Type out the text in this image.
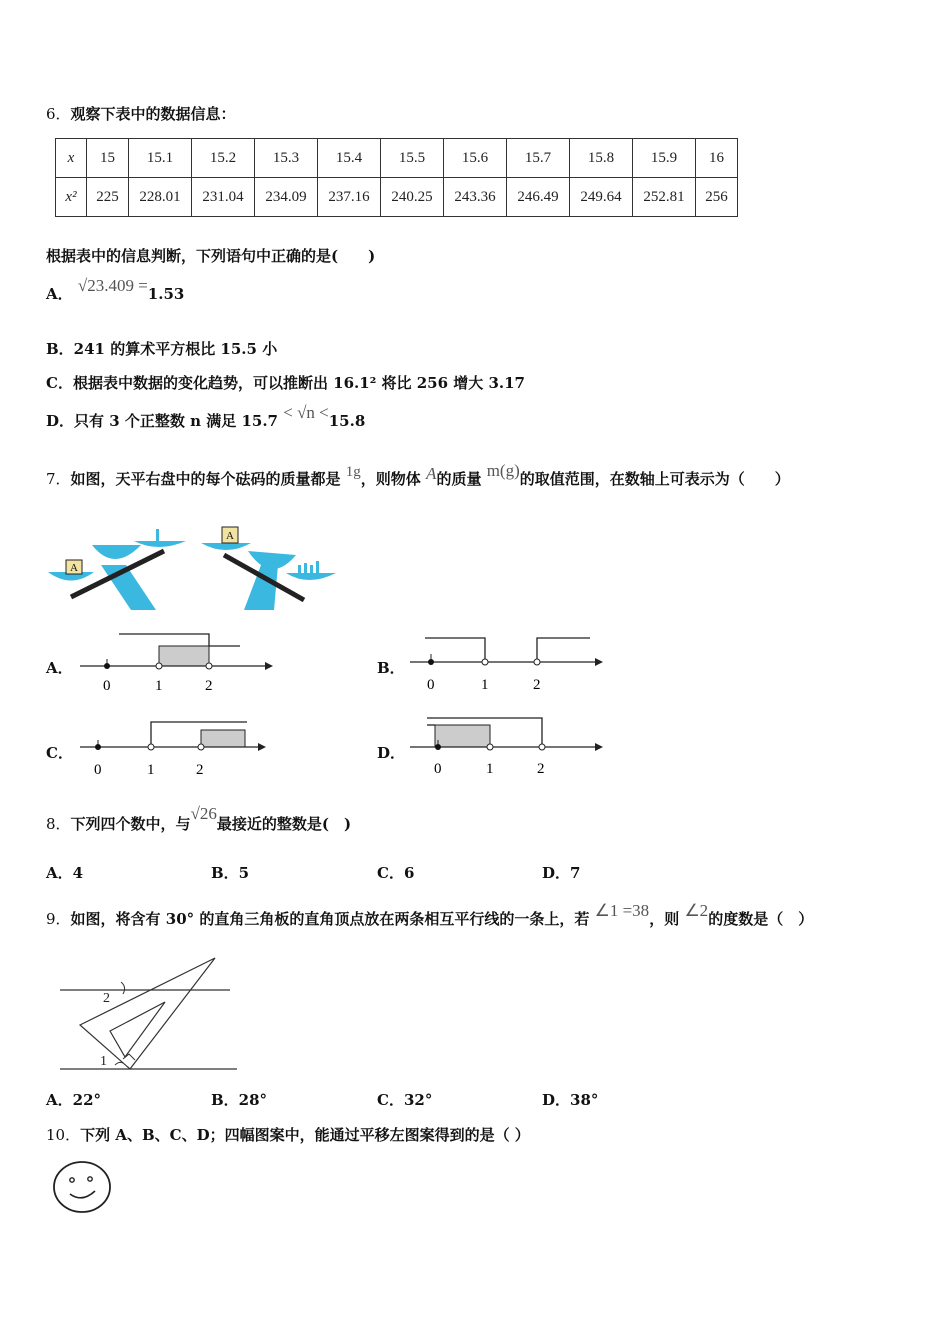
6．观察下表中的数据信息：
x	15	15.1	15.2	15.3	15.4	15.5	15.6	15.7	15.8	15.9	16
x²	225	228.01	231.04	234.09	237.16	240.25	243.36	246.49	249.64	252.81	256
根据表中的信息判断，下列语句中正确的是(　　)
A． √23.409 =1.53
B．241 的算术平方根比 15.5 小
C．根据表中数据的变化趋势，可以推断出 16.1² 将比 256 增大 3.17
D．只有 3 个正整数 n 满足 15.7 < √n <15.8
7．如图，天平右盘中的每个砝码的质量都是 1g，则物体 A的质量 m(g)的取值范围，在数轴上可表示为（　　）
A
A
A．
0	1	2
B．
0	1	2
C．
0	1	2
D．
0	1	2
8．下列四个数中，与√26最接近的整数是(　)
A．4	B．5	C．6	D．7
9．如图，将含有 30° 的直角三角板的直角顶点放在两条相互平行线的一条上，若 ∠1 =38，则 ∠2的度数是（　）
2
1
A．22°	B．28°	C．32°	D．38°
10．下列 A、B、C、D；四幅图案中，能通过平移左图案得到的是（ ）
